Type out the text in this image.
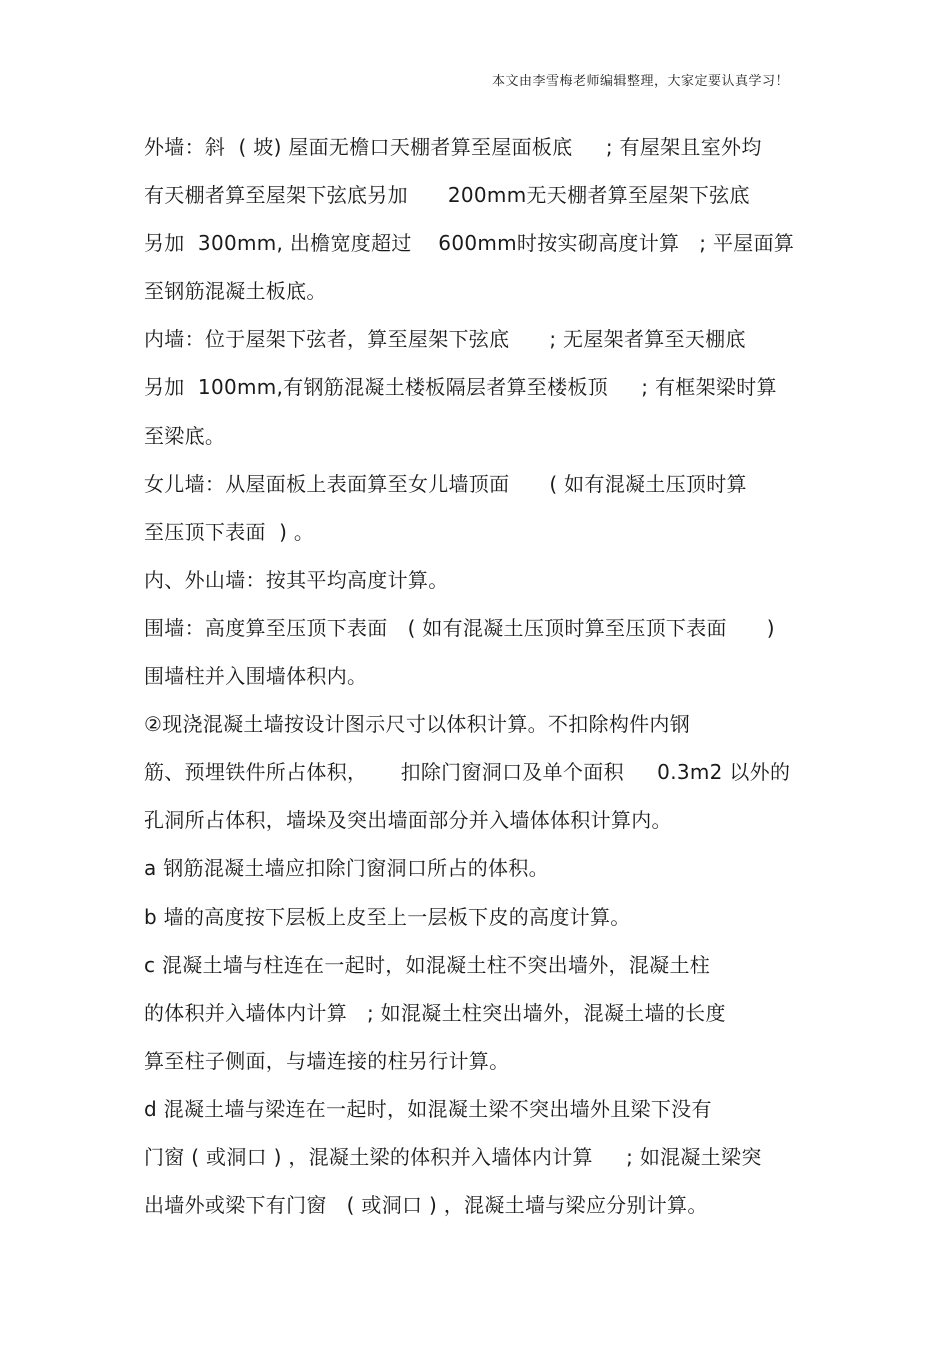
本文由李雪梅老师编辑整理，大家定要认真学习！
外墙：斜  ( 坡) 屋面无檐口天棚者算至屋面板底     ; 有屋架且室外均
有天棚者算至屋架下弦底另加      200mm无天棚者算至屋架下弦底
另加  300mm, 出檐宽度超过    600mm时按实砌高度计算   ; 平屋面算
至钢筋混凝土板底。
内墙：位于屋架下弦者，算至屋架下弦底      ; 无屋架者算至天棚底
另加  100mm,有钢筋混凝土楼板隔层者算至楼板顶     ; 有框架梁时算
至梁底。
女儿墙：从屋面板上表面算至女儿墙顶面      ( 如有混凝土压顶时算
至压顶下表面  ) 。
内、外山墙：按其平均高度计算。
围墙：高度算至压顶下表面   ( 如有混凝土压顶时算至压顶下表面      )
围墙柱并入围墙体积内。
②现浇混凝土墙按设计图示尺寸以体积计算。不扣除构件内钢
筋、预埋铁件所占体积，     扣除门窗洞口及单个面积     0.3m2 以外的
孔洞所占体积，墙垛及突出墙面部分并入墙体体积计算内。
a 钢筋混凝土墙应扣除门窗洞口所占的体积。
b 墙的高度按下层板上皮至上一层板下皮的高度计算。
c 混凝土墙与柱连在一起时，如混凝土柱不突出墙外，混凝土柱
的体积并入墙体内计算   ; 如混凝土柱突出墙外，混凝土墙的长度
算至柱子侧面，与墙连接的柱另行计算。
d 混凝土墙与梁连在一起时，如混凝土梁不突出墙外且梁下没有
门窗 ( 或洞口 ) ，混凝土梁的体积并入墙体内计算     ; 如混凝土梁突
出墙外或梁下有门窗   ( 或洞口 ) ，混凝土墙与梁应分别计算。
